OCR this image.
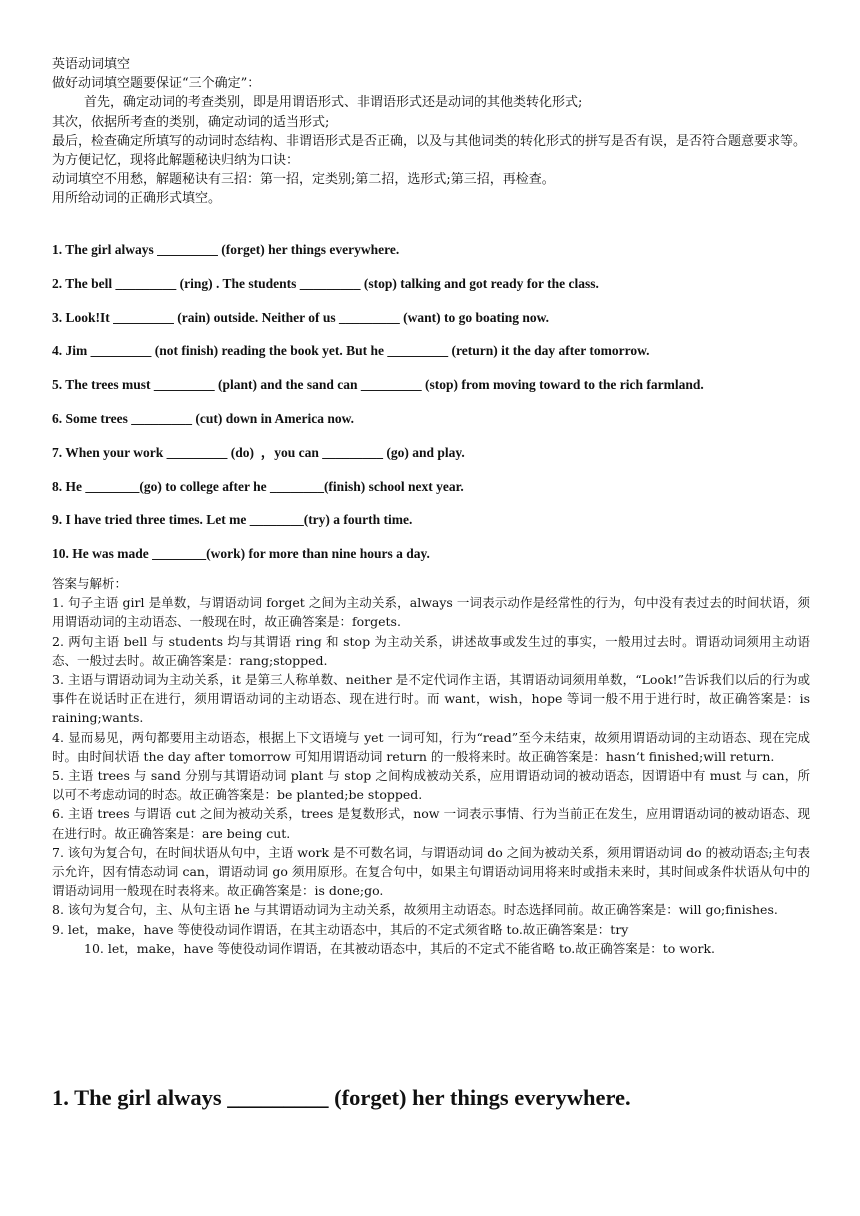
英语动词填空

做好动词填空题要保证“三个确定”：

首先，确定动词的考查类别，即是用谓语形式、非谓语形式还是动词的其他类转化形式;

其次，依据所考查的类别，确定动词的适当形式;

最后，检查确定所填写的动词时态结构、非谓语形式是否正确，以及与其他词类的转化形式的拼写是否有误，是否符合题意要求等。 为方便记忆，现将此解题秘诀归纳为口诀：

动词填空不用愁，解题秘诀有三招：第一招，定类别;第二招，选形式;第三招，再检查。

用所给动词的正确形式填空。

1. The girl always _________ (forget) her things everywhere.
2. The bell _________ (ring) . The students _________ (stop) talking and got ready for the class.
3. Look!It _________ (rain) outside. Neither of us _________ (want) to go boating now.
4. Jim _________ (not finish) reading the book yet. But he _________ (return) it the day after tomorrow.
5. The trees must _________ (plant) and the sand can _________ (stop) from moving toward to the rich farmland.
6. Some trees _________ (cut) down in America now.
7. When your work _________ (do)  ，you can _________ (go) and play.
8. He ________(go) to college after he ________(finish) school next year.
9. I have tried three times. Let me ________(try) a fourth time.
10. He was made ________(work) for more than nine hours a day.

答案与解析：

1. 句子主语 girl 是单数，与谓语动词 forget 之间为主动关系，always 一词表示动作是经常性的行为，句中没有表过去的时间状语，须用谓语动词的主动语态、一般现在时，故正确答案是：forgets.

2. 两句主语 bell 与 students 均与其谓语 ring 和 stop 为主动关系，讲述故事或发生过的事实，一般用过去时。谓语动词须用主动语态、一般过去时。故正确答案是：rang;stopped.

3. 主语与谓语动词为主动关系，it 是第三人称单数、neither 是不定代词作主语，其谓语动词须用单数，“Look!”告诉我们以后的行为或事件在说话时正在进行，须用谓语动词的主动语态、现在进行时。而 want，wish，hope 等词一般不用于进行时，故正确答案是：is raining;wants.

4. 显而易见，两句都要用主动语态，根据上下文语境与 yet 一词可知，行为“read”至今未结束，故须用谓语动词的主动语态、现在完成时。由时间状语 the day after tomorrow 可知用谓语动词 return 的一般将来时。故正确答案是：hasn‘t finished;will return.

5. 主语 trees 与 sand 分别与其谓语动词 plant 与 stop 之间构成被动关系，应用谓语动词的被动语态，因谓语中有 must 与 can，所以可不考虑动词的时态。故正确答案是：be planted;be stopped.

6. 主语 trees 与谓语 cut 之间为被动关系，trees 是复数形式，now 一词表示事情、行为当前正在发生，应用谓语动词的被动语态、现在进行时。故正确答案是：are being cut.

7. 该句为复合句，在时间状语从句中，主语 work 是不可数名词，与谓语动词 do 之间为被动关系，须用谓语动词 do 的被动语态;主句表示允许，因有情态动词 can，谓语动词 go 须用原形。在复合句中，如果主句谓语动词用将来时或指未来时，其时间或条件状语从句中的谓语动词用一般现在时表将来。故正确答案是：is done;go.

8. 该句为复合句，主、从句主语 he 与其谓语动词为主动关系，故须用主动语态。时态选择同前。故正确答案是：will go;finishes.

9. let，make，have 等使役动词作谓语，在其主动语态中，其后的不定式须省略 to.故正确答案是：try

10. let，make，have 等使役动词作谓语，在其被动语态中，其后的不定式不能省略 to.故正确答案是：to work.

1. The girl always _________ (forget) her things everywhere.
